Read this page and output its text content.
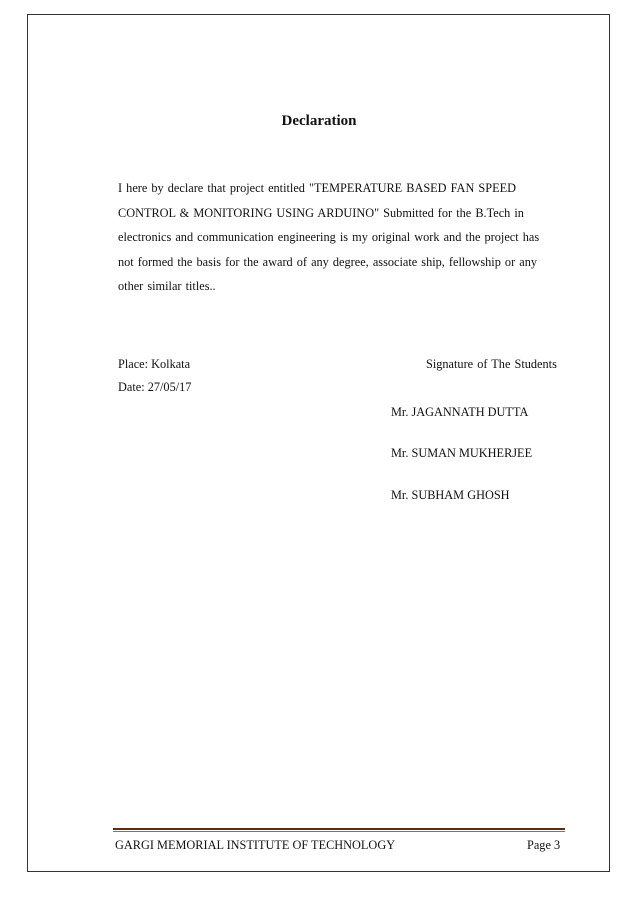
Declaration
I here by declare that project entitled "TEMPERATURE BASED FAN SPEED
CONTROL & MONITORING USING ARDUINO" Submitted for the B.Tech in
electronics and communication engineering is my original work and the project has
not formed the basis for the award of any degree, associate ship, fellowship or any
other similar titles..
Place: Kolkata
Date: 27/05/17
Signature of The Students
Mr. JAGANNATH DUTTA
Mr. SUMAN MUKHERJEE
Mr. SUBHAM GHOSH
GARGI MEMORIAL INSTITUTE OF TECHNOLOGY	Page 3
